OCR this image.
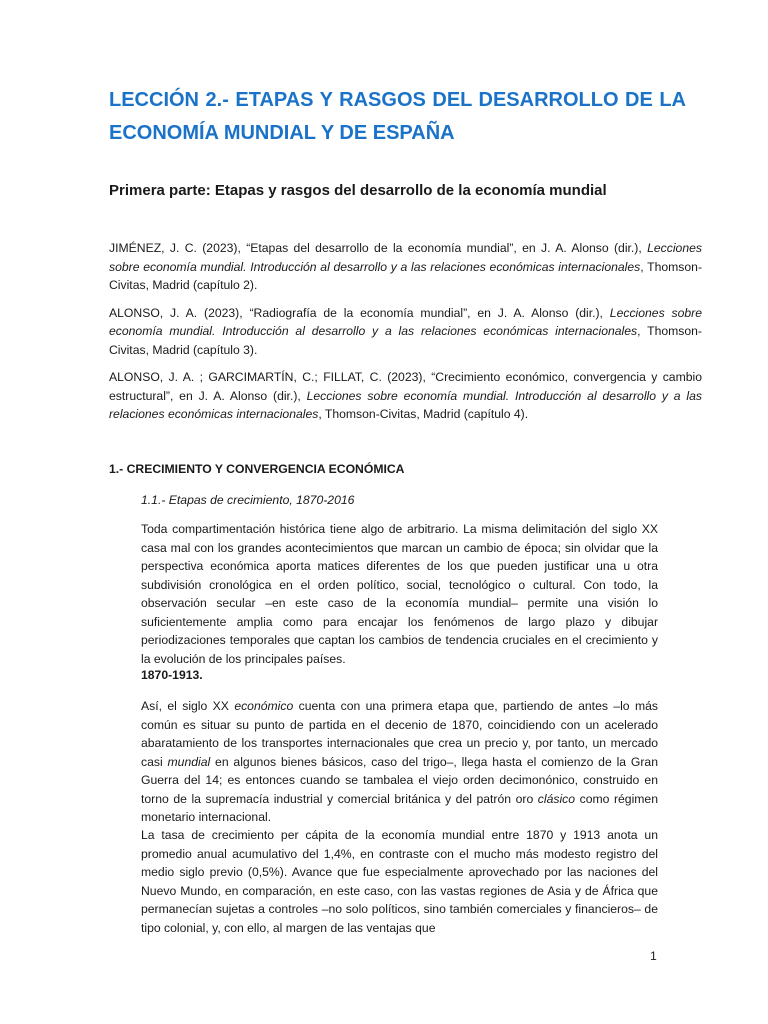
LECCIÓN 2.- ETAPAS Y RASGOS DEL DESARROLLO DE LA ECONOMÍA MUNDIAL Y DE ESPAÑA
Primera parte: Etapas y rasgos del desarrollo de la economía mundial

JIMÉNEZ, J. C. (2023), “Etapas del desarrollo de la economía mundial”, en J. A. Alonso (dir.), Lecciones sobre economía mundial. Introducción al desarrollo y a las relaciones económicas internacionales, Thomson-Civitas, Madrid (capítulo 2).

ALONSO, J. A. (2023), “Radiografía de la economía mundial”, en J. A. Alonso (dir.), Lecciones sobre economía mundial. Introducción al desarrollo y a las relaciones económicas internacionales, Thomson-Civitas, Madrid (capítulo 3).

ALONSO, J. A. ; GARCIMARTÍN, C.; FILLAT, C. (2023), “Crecimiento económico, convergencia y cambio estructural”, en J. A. Alonso (dir.), Lecciones sobre economía mundial. Introducción al desarrollo y a las relaciones económicas internacionales, Thomson-Civitas, Madrid (capítulo 4).

1.- CRECIMIENTO Y CONVERGENCIA ECONÓMICA

1.1.- Etapas de crecimiento, 1870-2016

Toda compartimentación histórica tiene algo de arbitrario. La misma delimitación del siglo XX casa mal con los grandes acontecimientos que marcan un cambio de época; sin olvidar que la perspectiva económica aporta matices diferentes de los que pueden justificar una u otra subdivisión cronológica en el orden político, social, tecnológico o cultural. Con todo, la observación secular –en este caso de la economía mundial– permite una visión lo suficientemente amplia como para encajar los fenómenos de largo plazo y dibujar periodizaciones temporales que captan los cambios de tendencia cruciales en el crecimiento y la evolución de los principales países.

1870-1913.

Así, el siglo XX económico cuenta con una primera etapa que, partiendo de antes –lo más común es situar su punto de partida en el decenio de 1870, coincidiendo con un acelerado abaratamiento de los transportes internacionales que crea un precio y, por tanto, un mercado casi mundial en algunos bienes básicos, caso del trigo–, llega hasta el comienzo de la Gran Guerra del 14; es entonces cuando se tambalea el viejo orden decimonónico, construido en torno de la supremacía industrial y comercial británica y del patrón oro clásico como régimen monetario internacional.

La tasa de crecimiento per cápita de la economía mundial entre 1870 y 1913 anota un promedio anual acumulativo del 1,4%, en contraste con el mucho más modesto registro del medio siglo previo (0,5%). Avance que fue especialmente aprovechado por las naciones del Nuevo Mundo, en comparación, en este caso, con las vastas regiones de Asia y de África que permanecían sujetas a controles –no solo políticos, sino también comerciales y financieros– de tipo colonial, y, con ello, al margen de las ventajas que

1
